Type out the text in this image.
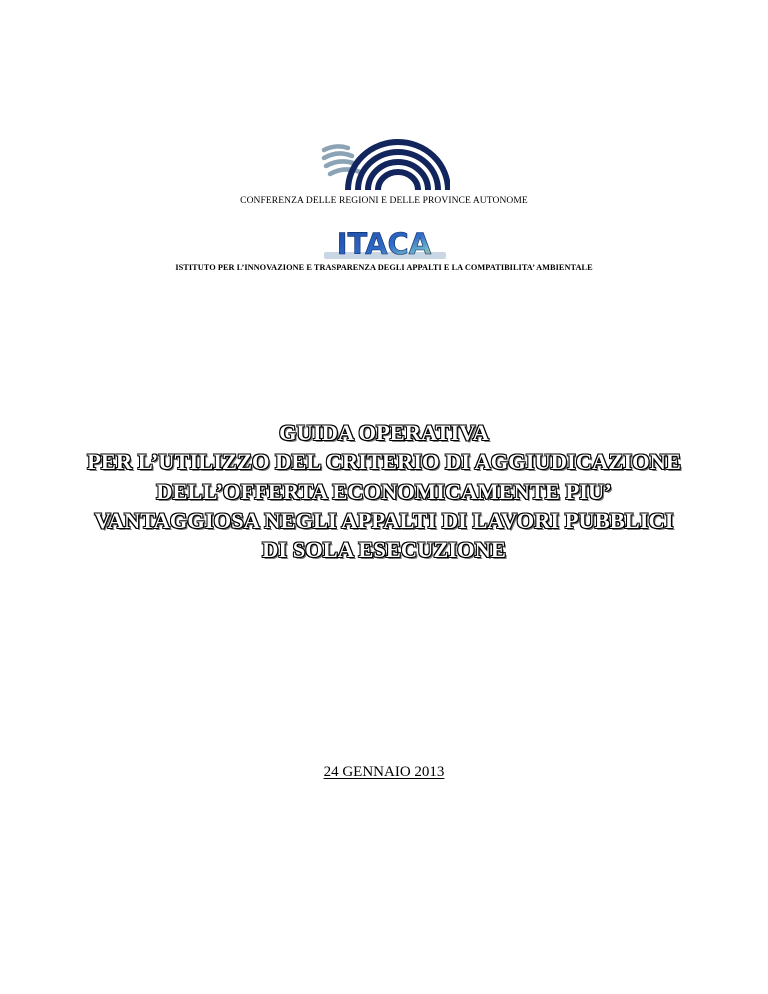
CONFERENZA DELLE REGIONI E DELLE PROVINCE AUTONOME
ITACA
ISTITUTO PER L’INNOVAZIONE E TRASPARENZA DEGLI APPALTI E LA COMPATIBILITA’ AMBIENTALE
GUIDA OPERATIVA
PER L’UTILIZZO DEL CRITERIO DI AGGIUDICAZIONE
DELL’OFFERTA ECONOMICAMENTE PIU’
VANTAGGIOSA NEGLI APPALTI DI LAVORI PUBBLICI
DI SOLA ESECUZIONE
24 GENNAIO 2013
